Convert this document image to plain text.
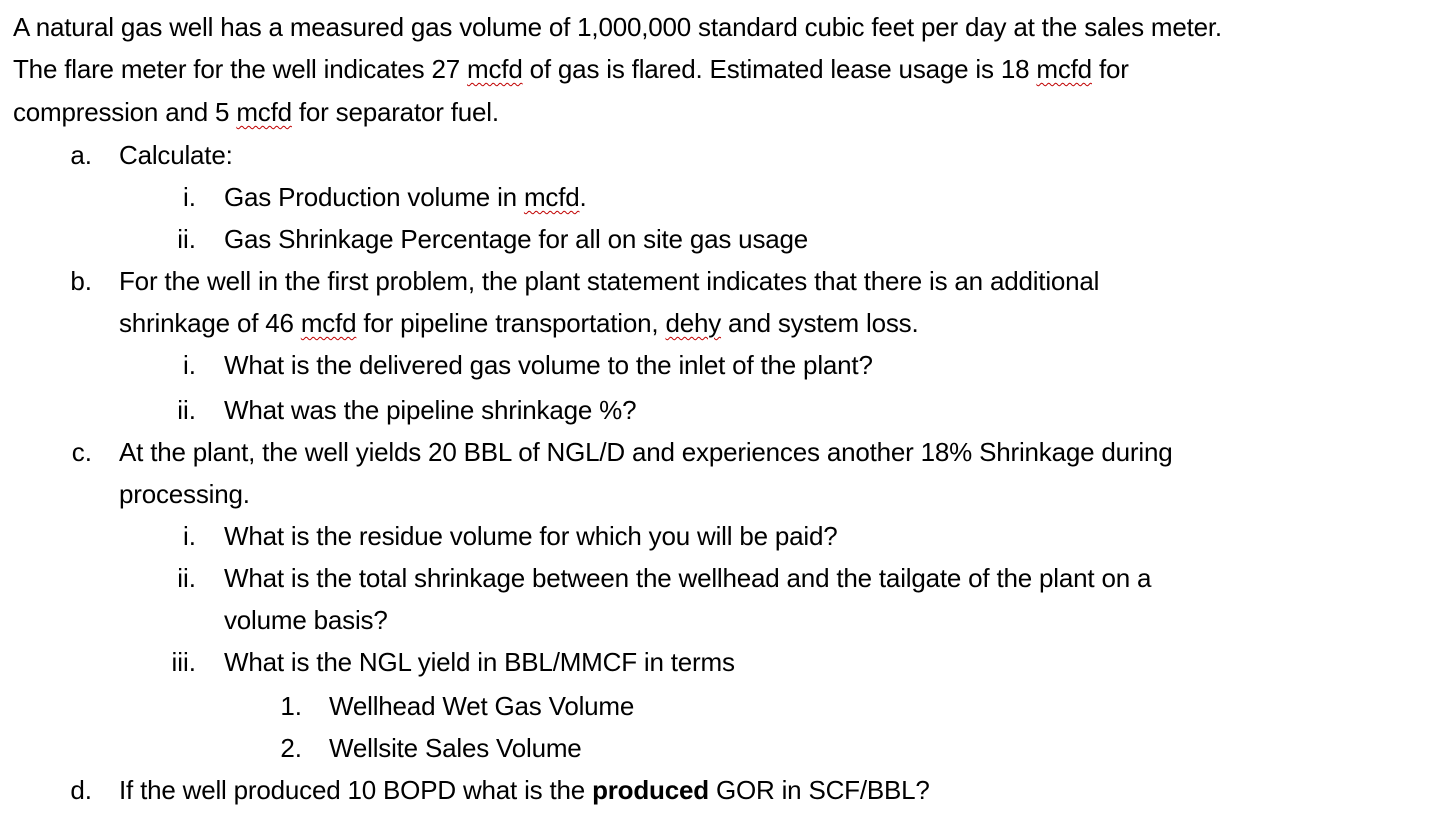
A natural gas well has a measured gas volume of 1,000,000 standard cubic feet per day at the sales meter.
The flare meter for the well indicates 27 mcfd of gas is flared. Estimated lease usage is 18 mcfd for
compression and 5 mcfd for separator fuel.
a. Calculate:
i. Gas Production volume in mcfd.
ii. Gas Shrinkage Percentage for all on site gas usage
b. For the well in the first problem, the plant statement indicates that there is an additional
shrinkage of 46 mcfd for pipeline transportation, dehy and system loss.
i. What is the delivered gas volume to the inlet of the plant?
ii. What was the pipeline shrinkage %?
c. At the plant, the well yields 20 BBL of NGL/D and experiences another 18% Shrinkage during
processing.
i. What is the residue volume for which you will be paid?
ii. What is the total shrinkage between the wellhead and the tailgate of the plant on a
volume basis?
iii. What is the NGL yield in BBL/MMCF in terms
1. Wellhead Wet Gas Volume
2. Wellsite Sales Volume
d. If the well produced 10 BOPD what is the produced GOR in SCF/BBL?
